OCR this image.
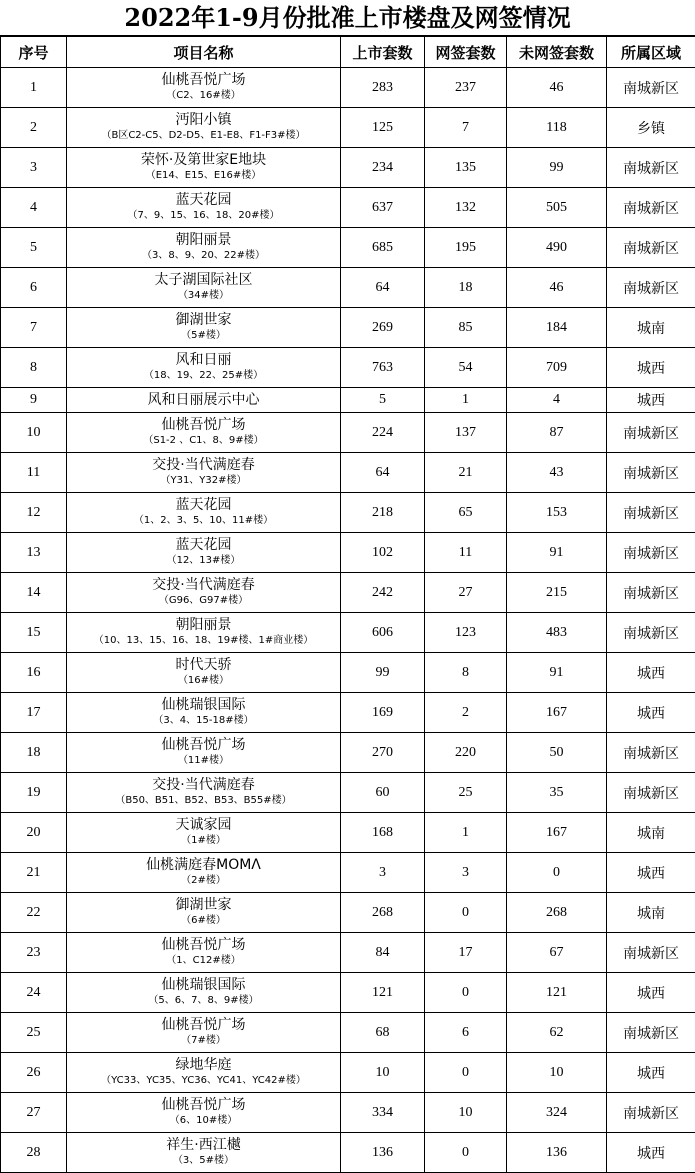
2022年1-9月份批准上市楼盘及网签情况
序号	项目名称	上市套数	网签套数	未网签套数	所属区域
1	仙桃吾悦广场
（C2、16#楼）	283	237	46	南城新区
2	沔阳小镇
（B区C2-C5、D2-D5、E1-E8、F1-F3#楼）	125	7	118	乡镇
3	荣怀·及第世家E地块
（E14、E15、E16#楼）	234	135	99	南城新区
4	蓝天花园
（7、9、15、16、18、20#楼）	637	132	505	南城新区
5	朝阳丽景
（3、8、9、20、22#楼）	685	195	490	南城新区
6	太子湖国际社区
（34#楼）	64	18	46	南城新区
7	御湖世家
（5#楼）	269	85	184	城南
8	风和日丽
（18、19、22、25#楼）	763	54	709	城西
9	风和日丽展示中心	5	1	4	城西
10	仙桃吾悦广场
（S1-2 、C1、8、9#楼）	224	137	87	南城新区
11	交投·当代满庭春
（Y31、Y32#楼）	64	21	43	南城新区
12	蓝天花园
（1、2、3、5、10、11#楼）	218	65	153	南城新区
13	蓝天花园
（12、13#楼）	102	11	91	南城新区
14	交投·当代满庭春
（G96、G97#楼）	242	27	215	南城新区
15	朝阳丽景
（10、13、15、16、18、19#楼、1#商业楼）	606	123	483	南城新区
16	时代天骄
（16#楼）	99	8	91	城西
17	仙桃瑞银国际
（3、4、15-18#楼）	169	2	167	城西
18	仙桃吾悦广场
（11#楼）	270	220	50	南城新区
19	交投·当代满庭春
（B50、B51、B52、B53、B55#楼）	60	25	35	南城新区
20	天诚家园
（1#楼）	168	1	167	城南
21	仙桃满庭春MOMΛ
（2#楼）	3	3	0	城西
22	御湖世家
（6#楼）	268	0	268	城南
23	仙桃吾悦广场
（1、C12#楼）	84	17	67	南城新区
24	仙桃瑞银国际
（5、6、7、8、9#楼）	121	0	121	城西
25	仙桃吾悦广场
（7#楼）	68	6	62	南城新区
26	绿地华庭
（YC33、YC35、YC36、YC41、YC42#楼）	10	0	10	城西
27	仙桃吾悦广场
（6、10#楼）	334	10	324	南城新区
28	祥生·西江樾
（3、5#楼）	136	0	136	城西
